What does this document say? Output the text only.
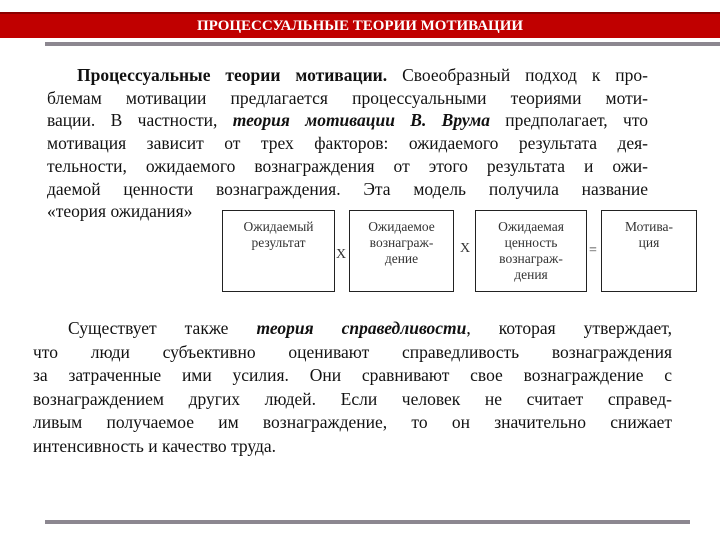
ПРОЦЕССУАЛЬНЫЕ ТЕОРИИ МОТИВАЦИИ
Процессуальные теории мотивации. Своеобразный подход к про-
блемам мотивации предлагается процессуальными теориями моти-
вации. В частности, теория мотивации В. Врума предполагает, что
мотивация зависит от трех факторов: ожидаемого результата дея-
тельности, ожидаемого вознаграждения от этого результата и ожи-
даемой ценности вознаграждения. Эта модель получила название
«теория ожидания»
Ожидаемый
результат
Ожидаемое
вознаграж-
дение
Ожидаемая
ценность
вознаграж-
дения
Мотива-
ция
Х	Х	=
Существует также теория справедливости, которая утверждает,
что люди субъективно оценивают справедливость вознаграждения
за затраченные ими усилия. Они сравнивают свое вознаграждение с
вознаграждением других людей. Если человек не считает справед-
ливым получаемое им вознаграждение, то он значительно снижает
интенсивность и качество труда.
